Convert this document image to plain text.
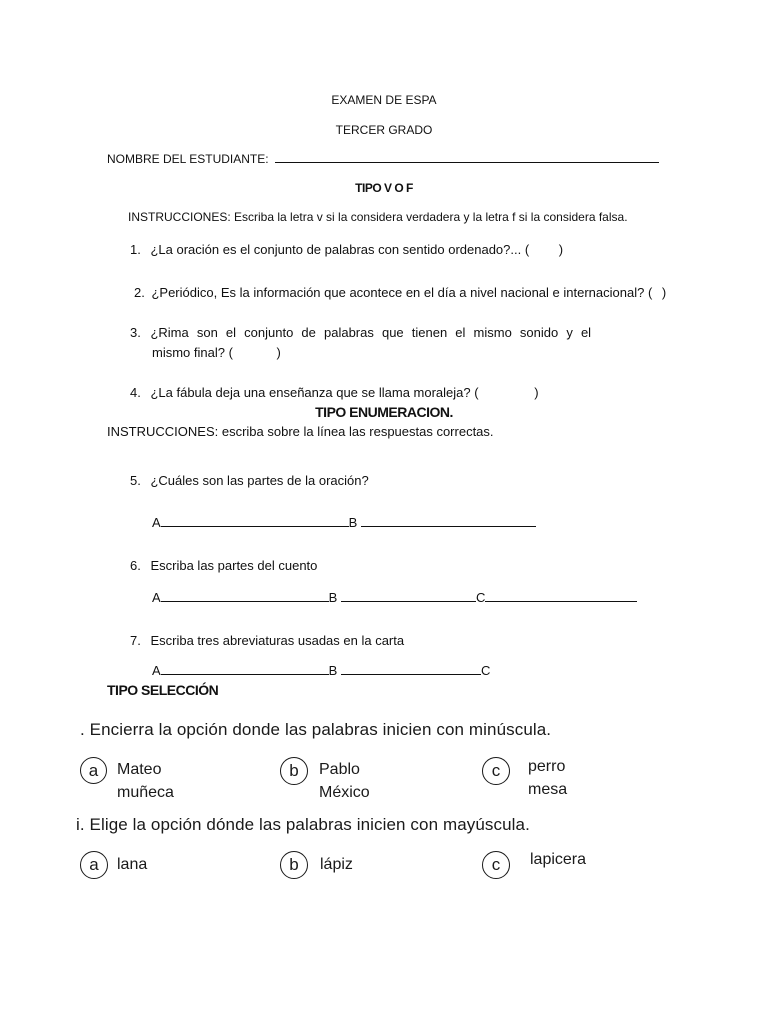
EXAMEN DE ESPA
TERCER GRADO
NOMBRE DEL ESTUDIANTE:
TIPO V O F
INSTRUCCIONES: Escriba la letra v si la considera verdadera y la letra f si la considera falsa.
1. ¿La oración es el conjunto de palabras con sentido ordenado?... ( )
2. ¿Periódico, Es la información que acontece en el día a nivel nacional e internacional? ( )
3. ¿Rima son el conjunto de palabras que tienen el mismo sonido y el
mismo final? (	)
4. ¿La fábula deja una enseñanza que se llama moraleja? (	)
TIPO ENUMERACION.
INSTRUCCIONES: escriba sobre la línea las respuestas correctas.
5. ¿Cuáles son las partes de la oración?
A	B
6. Escriba las partes del cuento
A	B	C
7. Escriba tres abreviaturas usadas en la carta
A	B	C
TIPO SELECCIÓN
. Encierra la opción donde las palabras inicien con minúscula.
a Mateo
muñeca
b Pablo
México
c perro
mesa
i. Elige la opción dónde las palabras inicien con mayúscula.
a lana	b lápiz	c lapicera
